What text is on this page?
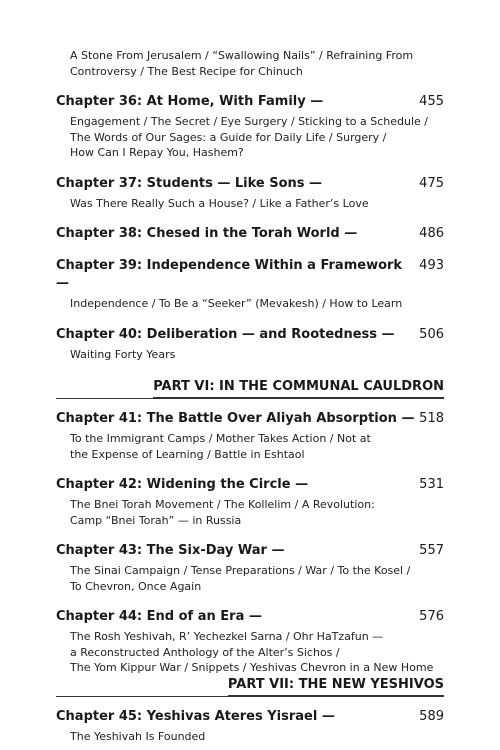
A Stone From Jerusalem / “Swallowing Nails” / Refraining From
Controversy / The Best Recipe for Chinuch
Chapter 36: At Home, With Family —	455
Engagement / The Secret / Eye Surgery / Sticking to a Schedule /
The Words of Our Sages: a Guide for Daily Life / Surgery /
How Can I Repay You, Hashem?
Chapter 37: Students — Like Sons —	475
Was There Really Such a House? / Like a Father’s Love
Chapter 38: Chesed in the Torah World —	486
Chapter 39: Independence Within a Framework —
493
Independence / To Be a “Seeker” (Mevakesh) / How to Learn
Chapter 40: Deliberation — and Rootedness — 506
Waiting Forty Years
PART VI: IN THE COMMUNAL CAULDRON
Chapter 41: The Battle Over Aliyah Absorption — 518
To the Immigrant Camps / Mother Takes Action / Not at
the Expense of Learning / Battle in Eshtaol
Chapter 42: Widening the Circle —	531
The Bnei Torah Movement / The Kollelim / A Revolution:
Camp “Bnei Torah” — in Russia
Chapter 43: The Six-Day War —	557
The Sinai Campaign / Tense Preparations / War / To the Kosel /
To Chevron, Once Again
Chapter 44: End of an Era —	576
The Rosh Yeshivah, R’ Yechezkel Sarna / Ohr HaTzafun —
a Reconstructed Anthology of the Alter’s Sichos /
The Yom Kippur War / Snippets / Yeshivas Chevron in a New Home
PART VII: THE NEW YESHIVOS
Chapter 45: Yeshivas Ateres Yisrael —	589
The Yeshivah Is Founded
